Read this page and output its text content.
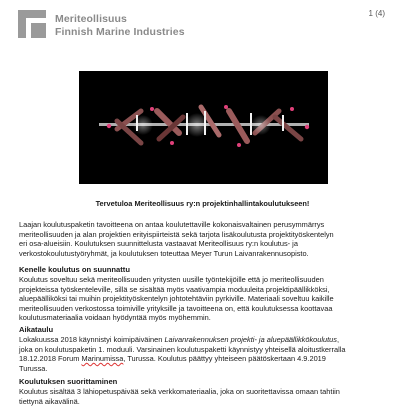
Meriteollisuus
Finnish Marine Industries
1 (4)
Tervetuloa Meriteollisuus ry:n projektinhallintakoulutukseen!
Laajan koulutuspaketin tavoitteena on antaa koulutettaville kokonaisvaltainen perusymmärrys
meriteollisuuden ja alan projektien erityispiirteistä sekä tarjota lisäkoulutusta projektityöskentelyn
eri osa-alueisiin. Koulutuksen suunnittelusta vastaavat Meriteollisuus ry:n koulutus- ja
verkostokoulutustyöryhmät, ja koulutuksen toteuttaa Meyer Turun Laivanrakennusopisto.
Kenelle koulutus on suunnattu
Koulutus soveltuu sekä meriteollisuuden yritysten uusille työntekijöille että jo meriteollisuuden
projekteissa työskenteleville, sillä se sisältää myös vaativampia moduuleita projektipäällikköksi,
aluepäälliköksi tai muihin projektityöskentelyn johtotehtäviin pyrkiville. Materiaali soveltuu kaikille
meriteollisuuden verkostossa toimiville yrityksille ja tavoitteena on, että koulutuksessa koottavaa
koulutusmateriaalia voidaan hyödyntää myös myöhemmin.
Aikataulu
Lokakuussa 2018 käynnistyi koimipäiväinen Laivanrakennuksen projekti- ja aluepäällikkökoulutus,
joka on koulutuspaketin 1. moduuli. Varsinainen koulutuspaketti käynnistyy yhteisellä aloitustkerralla
18.12.2018 Forum Marinumissa, Turussa. Koulutus päättyy yhteiseen päätöskertaan 4.9.2019
Turussa.
Koulutuksen suorittaminen
Koulutus sisältää 3 lähiopetuspäivää sekä verkkomateriaalia, joka on suoritettavissa omaan tahtiin
tiettynä aikavälinä.
